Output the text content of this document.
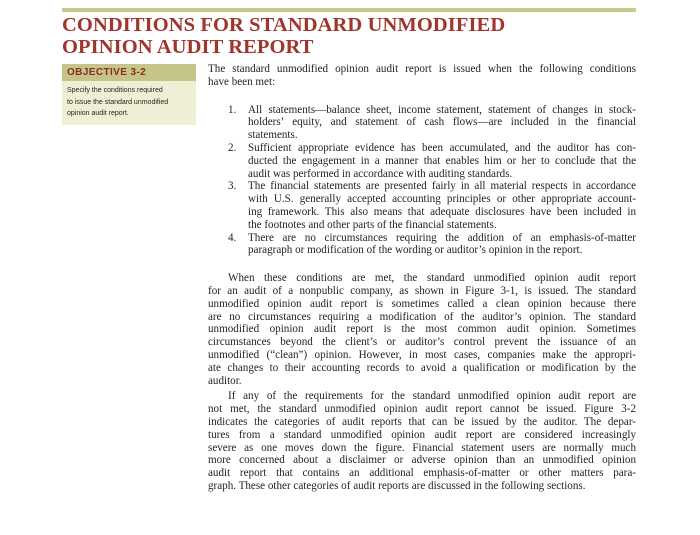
CONDITIONS FOR STANDARD UNMODIFIED
OPINION AUDIT REPORT
OBJECTIVE 3-2
Specify the conditions required
to issue the standard unmodified
opinion audit report.

The standard unmodified opinion audit report is issued when the following conditions
have been met:

1. All statements—balance sheet, income statement, statement of changes in stock-
holders’ equity, and statement of cash flows—are included in the financial
statements.
2. Sufficient appropriate evidence has been accumulated, and the auditor has con-
ducted the engagement in a manner that enables him or her to conclude that the
audit was performed in accordance with auditing standards.
3. The financial statements are presented fairly in all material respects in accordance
with U.S. generally accepted accounting principles or other appropriate account-
ing framework. This also means that adequate disclosures have been included in
the footnotes and other parts of the financial statements.
4. There are no circumstances requiring the addition of an emphasis-of-matter
paragraph or modification of the wording or auditor’s opinion in the report.

When these conditions are met, the standard unmodified opinion audit report
for an audit of a nonpublic company, as shown in Figure 3-1, is issued. The standard
unmodified opinion audit report is sometimes called a clean opinion because there
are no circumstances requiring a modification of the auditor’s opinion. The standard
unmodified opinion audit report is the most common audit opinion. Sometimes
circumstances beyond the client’s or auditor’s control prevent the issuance of an
unmodified (“clean”) opinion. However, in most cases, companies make the appropri-
ate changes to their accounting records to avoid a qualification or modification by the
auditor.

If any of the requirements for the standard unmodified opinion audit report are
not met, the standard unmodified opinion audit report cannot be issued. Figure 3-2
indicates the categories of audit reports that can be issued by the auditor. The depar-
tures from a standard unmodified opinion audit report are considered increasingly
severe as one moves down the figure. Financial statement users are normally much
more concerned about a disclaimer or adverse opinion than an unmodified opinion
audit report that contains an additional emphasis-of-matter or other matters para-
graph. These other categories of audit reports are discussed in the following sections.
